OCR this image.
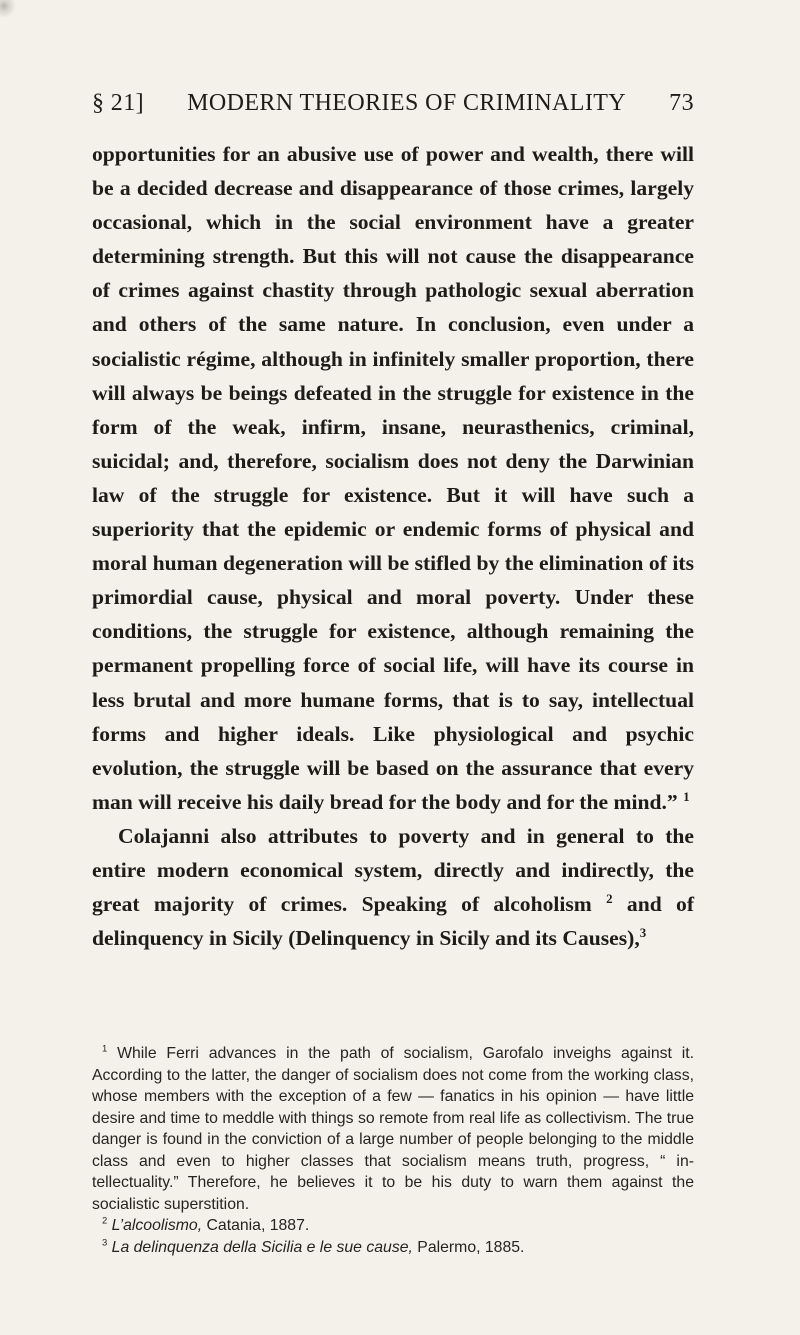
§ 21] MODERN THEORIES OF CRIMINALITY 73

opportunities for an abusive use of power and wealth, there will be a decided decrease and disappearance of those crimes, largely occasional, which in the social environment have a greater determining strength. But this will not cause the disappearance of crimes against chastity through pathologic sexual aberration and others of the same nature. In conclusion, even under a socialistic régime, although in infinitely smaller proportion, there will always be beings defeated in the struggle for existence in the form of the weak, infirm, insane, neurasthenics, criminal, suicidal; and, therefore, socialism does not deny the Darwinian law of the struggle for existence. But it will have such a superiority that the epidemic or endemic forms of physical and moral human degeneration will be stifled by the elimination of its primordial cause, physical and moral poverty. Under these conditions, the struggle for existence, although remaining the permanent propelling force of social life, will have its course in less brutal and more humane forms, that is to say, intellectual forms and higher ideals. Like physiological and psychic evolution, the struggle will be based on the assurance that every man will receive his daily bread for the body and for the mind.” $^1$

Colajanni also attributes to poverty and in general to the entire modern economical system, directly and indirectly, the great majority of crimes. Speaking of alcoholism $^2$ and of delinquency in Sicily (Delinquency in Sicily and its Causes),$^3$

$^1$ While Ferri advances in the path of socialism, Garofalo inveighs against it. According to the latter, the danger of socialism does not come from the working class, whose members with the exception of a few — fanatics in his opinion — have little desire and time to meddle with things so remote from real life as collectivism. The true danger is found in the conviction of a large number of people belonging to the middle class and even to higher classes that socialism means truth, progress, “ intellectuality.” Therefore, he believes it to be his duty to warn them against the socialistic superstition.

$^2$ L’alcoolismo, Catania, 1887.

$^3$ La delinquenza della Sicilia e le sue cause, Palermo, 1885.
